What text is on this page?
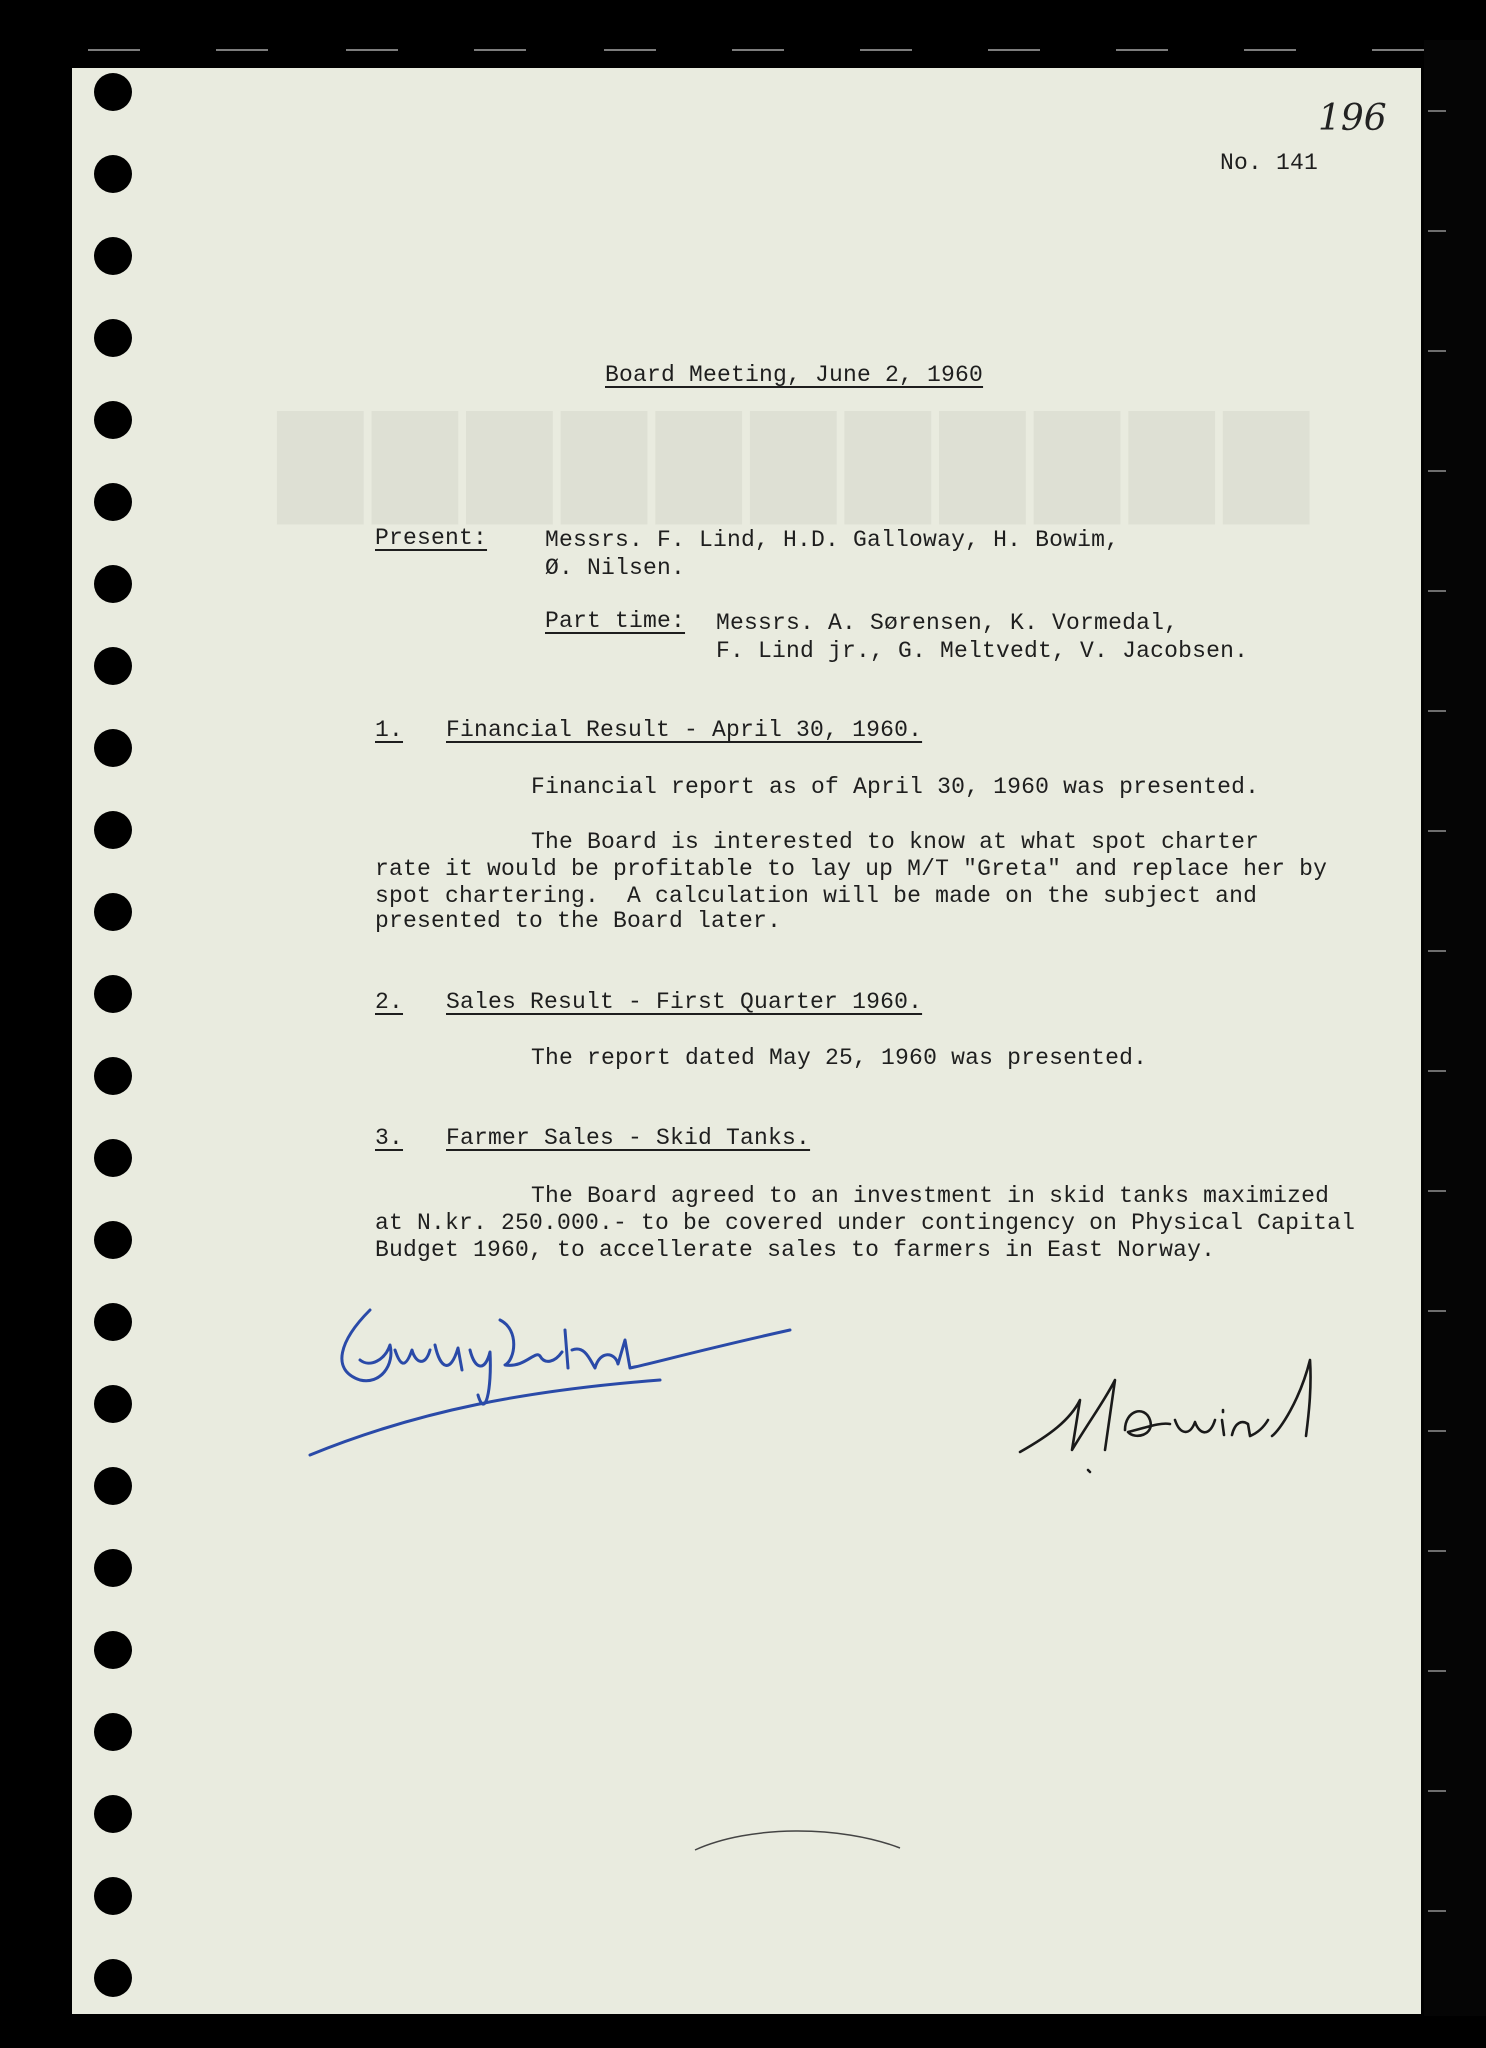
▇▇▇▇▇▇▇▇▇▇▇
196
No. 141
Board Meeting, June 2, 1960
Present:	Messrs. F. Lind, H.D. Galloway, H. Bowim,
Ø. Nilsen.
Part time: Messrs. A. Sørensen, K. Vormedal,
F. Lind jr., G. Meltvedt, V. Jacobsen.
1. Financial Result - April 30, 1960.
Financial report as of April 30, 1960 was presented.
The Board is interested to know at what spot charter
rate it would be profitable to lay up M/T "Greta" and replace her by
spot chartering.  A calculation will be made on the subject and
presented to the Board later.
2. Sales Result - First Quarter 1960.
The report dated May 25, 1960 was presented.
3. Farmer Sales - Skid Tanks.
The Board agreed to an investment in skid tanks maximized
at N.kr. 250.000.- to be covered under contingency on Physical Capital
Budget 1960, to accellerate sales to farmers in East Norway.
